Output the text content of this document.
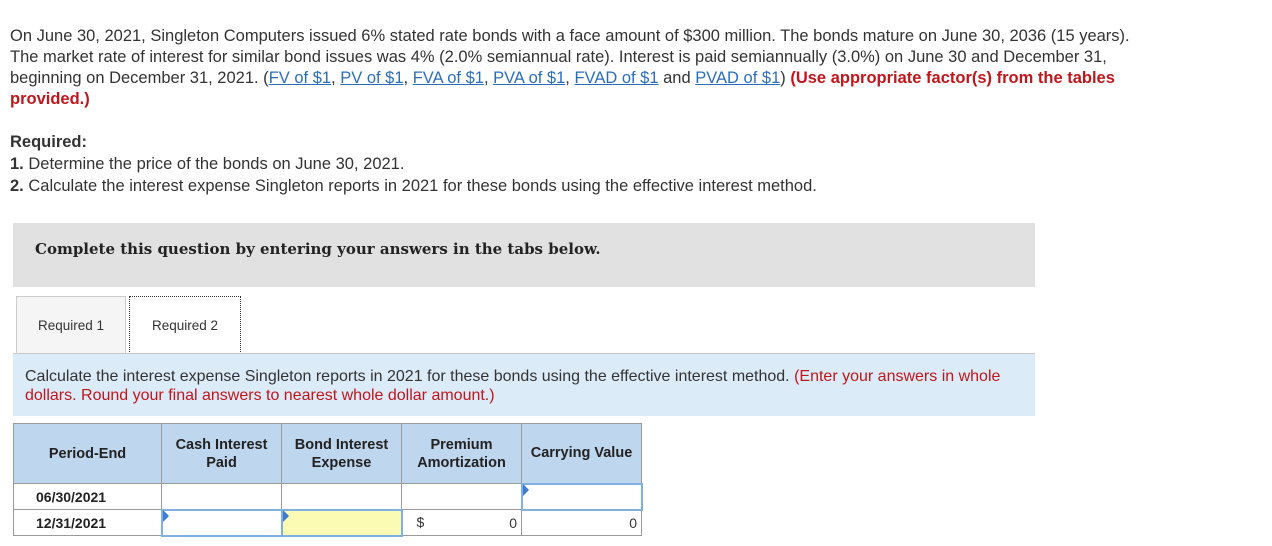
On June 30, 2021, Singleton Computers issued 6% stated rate bonds with a face amount of $300 million. The bonds mature on June 30, 2036 (15 years). The market rate of interest for similar bond issues was 4% (2.0% semiannual rate). Interest is paid semiannually (3.0%) on June 30 and December 31, beginning on December 31, 2021. (FV of $1, PV of $1, FVA of $1, PVA of $1, FVAD of $1 and PVAD of $1) (Use appropriate factor(s) from the tables provided.)
Required:
1. Determine the price of the bonds on June 30, 2021.
2. Calculate the interest expense Singleton reports in 2021 for these bonds using the effective interest method.
Complete this question by entering your answers in the tabs below.
Required 1	Required 2
Calculate the interest expense Singleton reports in 2021 for these bonds using the effective interest method. (Enter your answers in whole dollars. Round your final answers to nearest whole dollar amount.)
Period-End	Cash Interest Paid	Bond Interest Expense	Premium Amortization	Carrying Value
06/30/2021				

12/31/2021			$ 0	0
